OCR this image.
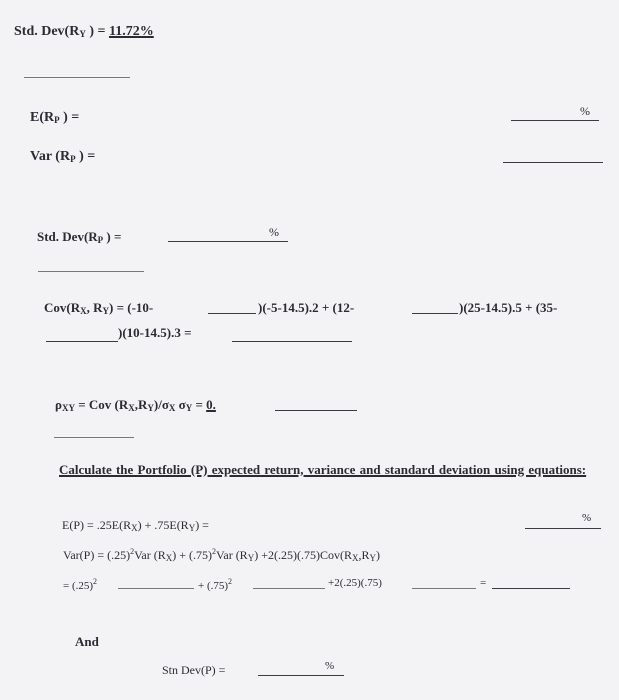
Std. $Dev(R_Y$ ) = 11.72%
$E(R_P$ ) =	%
Var ($R_P$ ) =
Std. $Dev(R_P$ ) =	%
$Cov(R_X$, $R_Y) = (-10-$	)(-5-14.5).2 + (12-	)(25-14.5).5 + (35-
)(10-14.5).3 =
$\rho_{XY}$ = Cov $(R_X,R_Y)/\sigma_X$ $\sigma_Y = 0$.
Calculate the Portfolio (P) expected return, variance and standard deviation using equations:
$E(P) = .25E(R_X) + .75E(R_Y)$ =	%
$Var(P) = (.25)^2Var$ $(R_X) + (.75)^2Var$ $(R_Y) +2(.25)(.75)Cov(R_X,R_Y)$
= $(.25)^2$	+ $(.75)^2$	+2(.25)(.75)	=
And
Stn Dev(P) =	%
